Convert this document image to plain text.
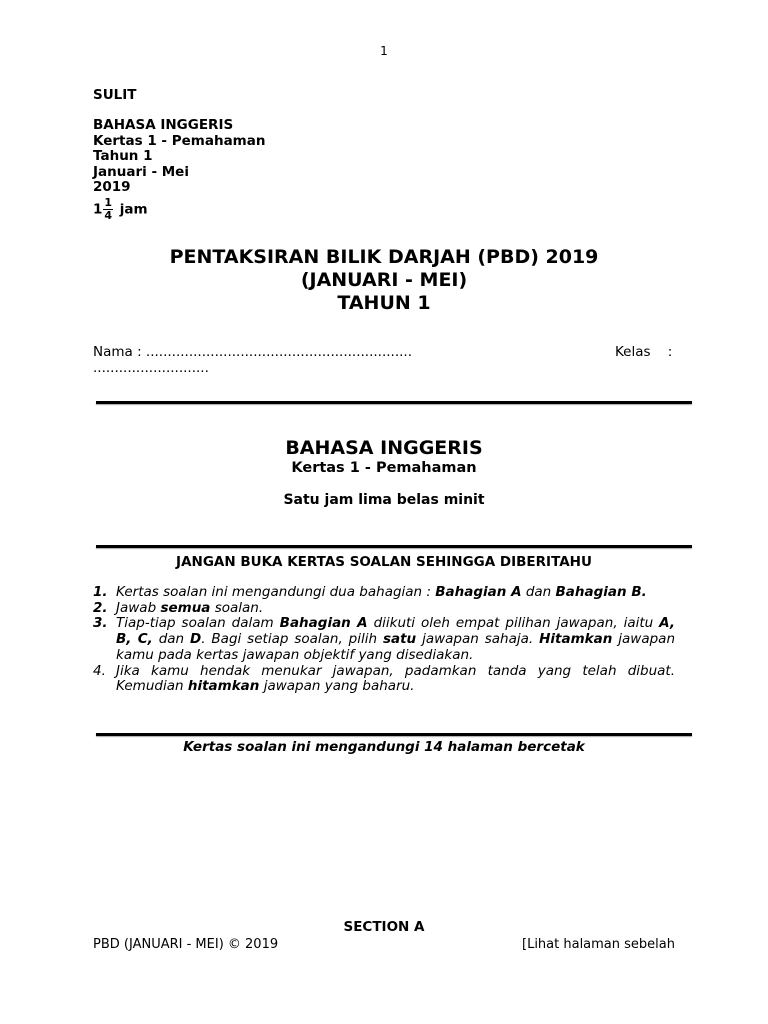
1
SULIT
BAHASA INGGERIS
Kertas 1 - Pemahaman
Tahun 1
Januari - Mei
2019
$1 \frac{1}{4}$ jam
PENTAKSIRAN BILIK DARJAH (PBD) 2019
(JANUARI - MEI)
TAHUN 1
Nama : ..............................................................	Kelas    :
...........................
BAHASA INGGERIS
Kertas 1 - Pemahaman
Satu jam lima belas minit
JANGAN BUKA KERTAS SOALAN SEHINGGA DIBERITAHU
1. Kertas soalan ini mengandungi dua bahagian : Bahagian A dan Bahagian B.
2. Jawab semua soalan.
3. Tiap-tiap soalan dalam Bahagian A diikuti oleh empat pilihan jawapan, iaitu A, B, C, dan D. Bagi setiap soalan, pilih satu jawapan sahaja. Hitamkan jawapan kamu pada kertas jawapan objektif yang disediakan.
4. Jika kamu hendak menukar jawapan, padamkan tanda yang telah dibuat. Kemudian hitamkan jawapan yang baharu.
Kertas soalan ini mengandungi 14 halaman bercetak
SECTION A
PBD (JANUARI - MEI) © 2019	[Lihat halaman sebelah
